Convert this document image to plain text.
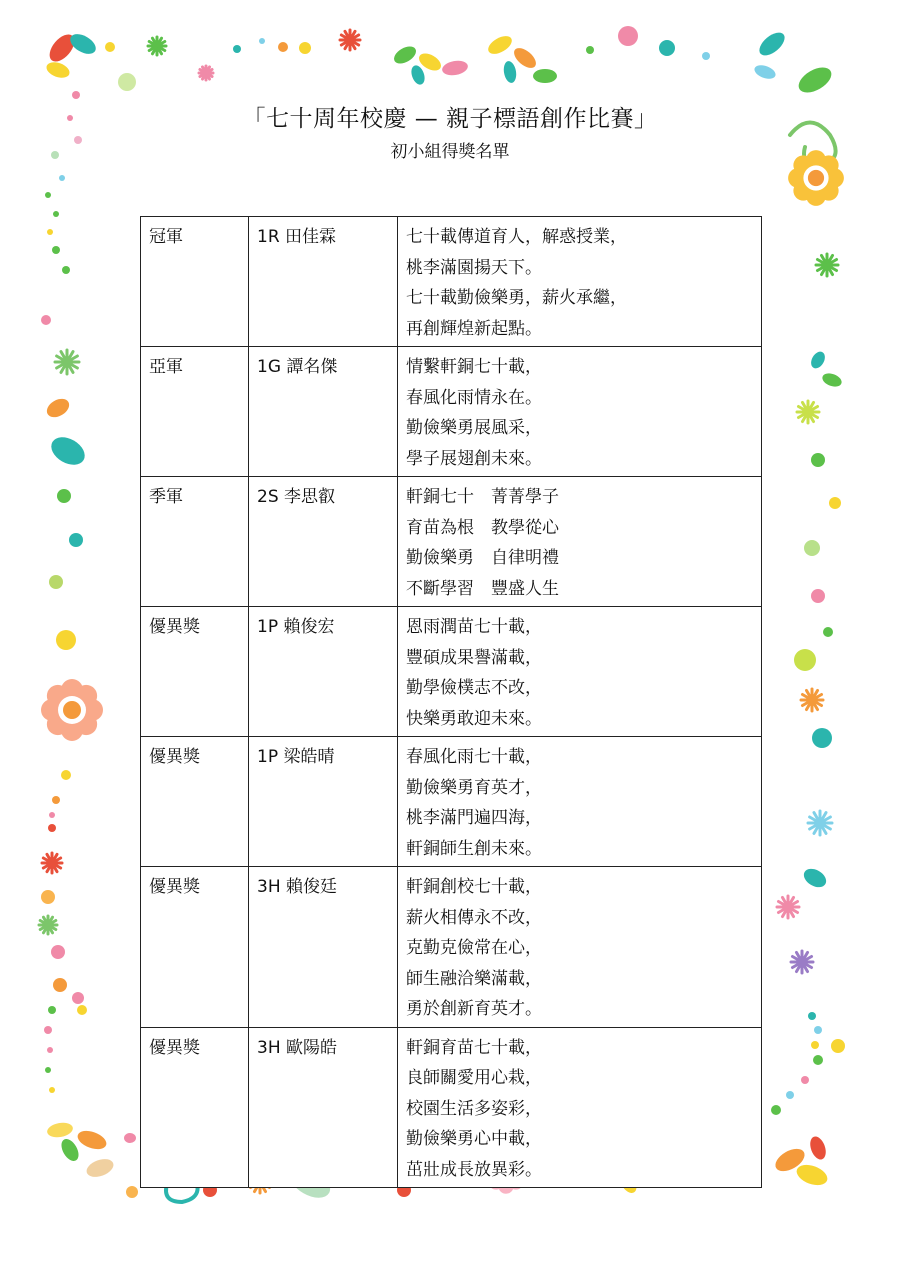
「七十周年校慶 — 親子標語創作比賽」
初小組得獎名單
冠軍	1R 田佳霖	七十載傳道育人，解惑授業，
桃李滿園揚天下。
七十載勤儉樂勇，薪火承繼，
再創輝煌新起點。

亞軍	1G 譚名傑	情繫軒銅七十載，
春風化雨情永在。
勤儉樂勇展風采，
學子展翅創未來。

季軍	2S 李思叡	軒銅七十　菁菁學子
育苗為根　教學從心
勤儉樂勇　自律明禮
不斷學習　豐盛人生

優異獎	1P 賴俊宏	恩雨潤苗七十載，
豐碩成果譽滿載，
勤學儉樸志不改，
快樂勇敢迎未來。

優異獎	1P 梁皓晴	春風化雨七十載，
勤儉樂勇育英才，
桃李滿門遍四海，
軒銅師生創未來。

優異獎	3H 賴俊廷	軒銅創校七十載，
薪火相傳永不改，
克勤克儉常在心，
師生融洽樂滿載，
勇於創新育英才。

優異獎	3H 歐陽皓	軒銅育苗七十載，
良師關愛用心栽，
校園生活多姿彩，
勤儉樂勇心中載，
茁壯成長放異彩。
